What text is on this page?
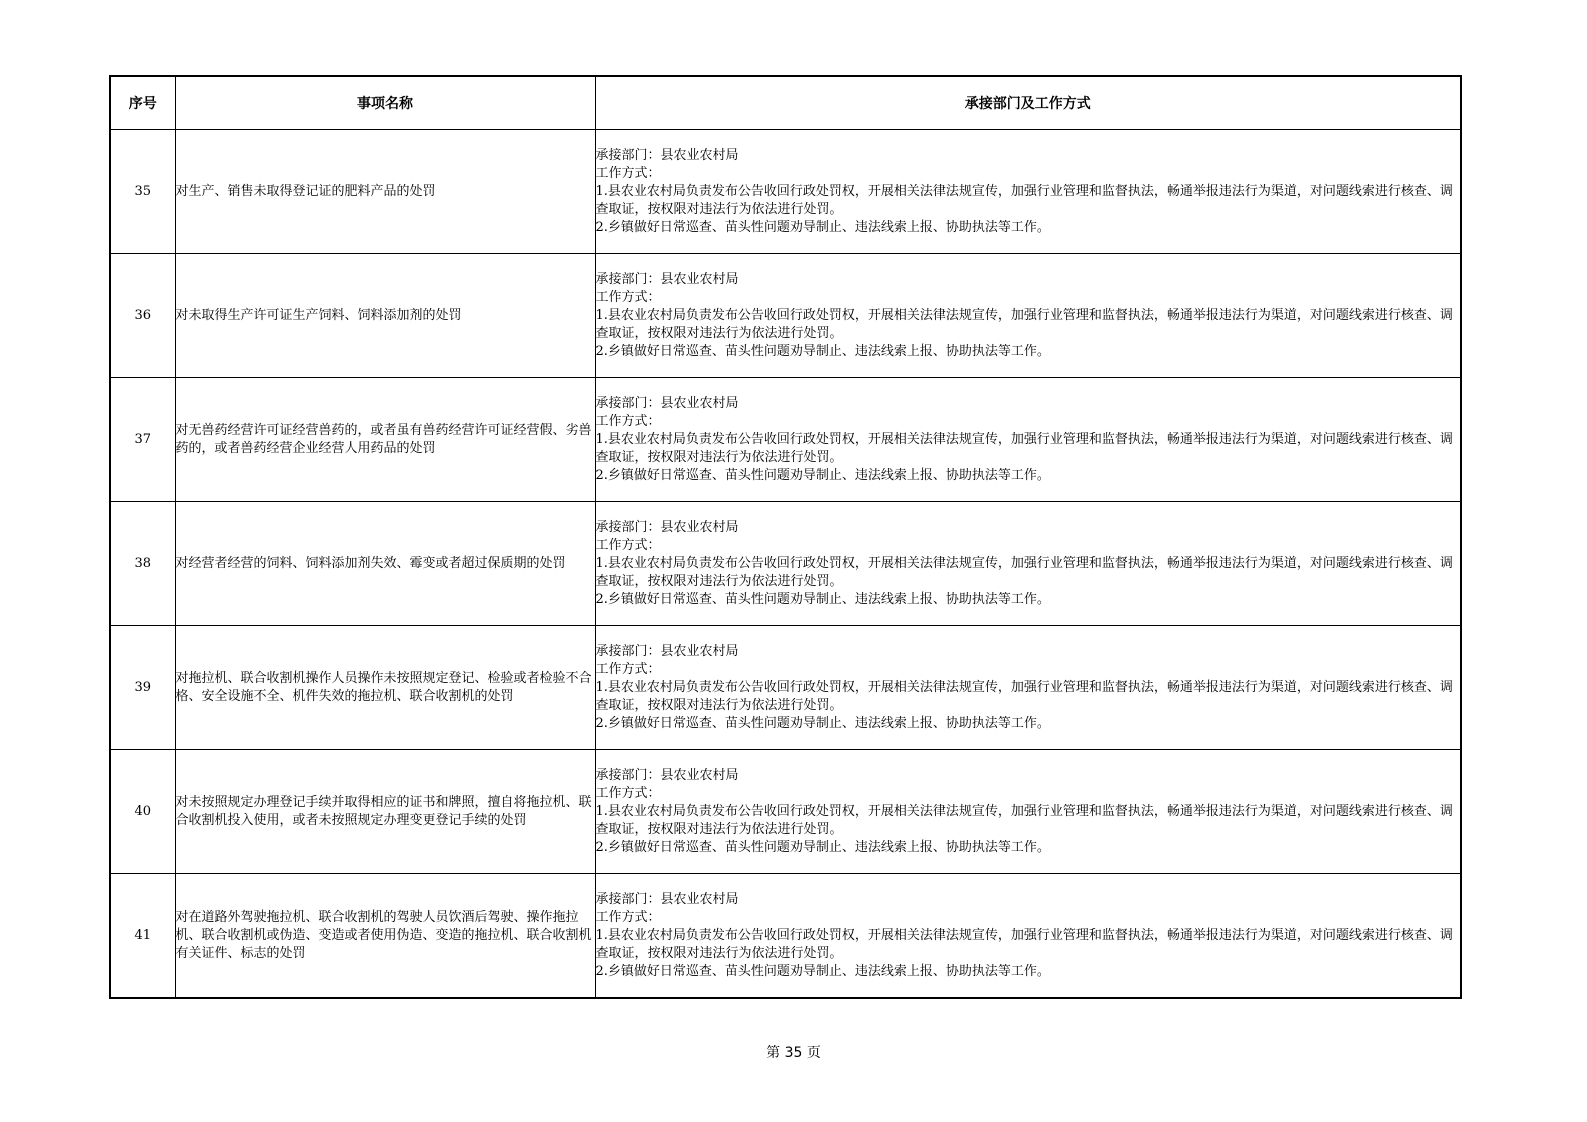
序号	事项名称	承接部门及工作方式
35	对生产、销售未取得登记证的肥料产品的处罚	承接部门：县农业农村局
工作方式：
1.县农业农村局负责发布公告收回行政处罚权，开展相关法律法规宣传，加强行业管理和监督执法，畅通举报违法行为渠道，对问题线索进行核查、调查取证，按权限对违法行为依法进行处罚。
2.乡镇做好日常巡查、苗头性问题劝导制止、违法线索上报、协助执法等工作。

36	对未取得生产许可证生产饲料、饲料添加剂的处罚	承接部门：县农业农村局
工作方式：
1.县农业农村局负责发布公告收回行政处罚权，开展相关法律法规宣传，加强行业管理和监督执法，畅通举报违法行为渠道，对问题线索进行核查、调查取证，按权限对违法行为依法进行处罚。
2.乡镇做好日常巡查、苗头性问题劝导制止、违法线索上报、协助执法等工作。

37	对无兽药经营许可证经营兽药的，或者虽有兽药经营许可证经营假、劣兽药的，或者兽药经营企业经营人用药品的处罚	承接部门：县农业农村局
工作方式：
1.县农业农村局负责发布公告收回行政处罚权，开展相关法律法规宣传，加强行业管理和监督执法，畅通举报违法行为渠道，对问题线索进行核查、调查取证，按权限对违法行为依法进行处罚。
2.乡镇做好日常巡查、苗头性问题劝导制止、违法线索上报、协助执法等工作。

38	对经营者经营的饲料、饲料添加剂失效、霉变或者超过保质期的处罚	承接部门：县农业农村局
工作方式：
1.县农业农村局负责发布公告收回行政处罚权，开展相关法律法规宣传，加强行业管理和监督执法，畅通举报违法行为渠道，对问题线索进行核查、调查取证，按权限对违法行为依法进行处罚。
2.乡镇做好日常巡查、苗头性问题劝导制止、违法线索上报、协助执法等工作。

39	对拖拉机、联合收割机操作人员操作未按照规定登记、检验或者检验不合格、安全设施不全、机件失效的拖拉机、联合收割机的处罚	承接部门：县农业农村局
工作方式：
1.县农业农村局负责发布公告收回行政处罚权，开展相关法律法规宣传，加强行业管理和监督执法，畅通举报违法行为渠道，对问题线索进行核查、调查取证，按权限对违法行为依法进行处罚。
2.乡镇做好日常巡查、苗头性问题劝导制止、违法线索上报、协助执法等工作。

40	对未按照规定办理登记手续并取得相应的证书和牌照，擅自将拖拉机、联合收割机投入使用，或者未按照规定办理变更登记手续的处罚	承接部门：县农业农村局
工作方式：
1.县农业农村局负责发布公告收回行政处罚权，开展相关法律法规宣传，加强行业管理和监督执法，畅通举报违法行为渠道，对问题线索进行核查、调查取证，按权限对违法行为依法进行处罚。
2.乡镇做好日常巡查、苗头性问题劝导制止、违法线索上报、协助执法等工作。

41	对在道路外驾驶拖拉机、联合收割机的驾驶人员饮酒后驾驶、操作拖拉机、联合收割机或伪造、变造或者使用伪造、变造的拖拉机、联合收割机有关证件、标志的处罚	承接部门：县农业农村局
工作方式：
1.县农业农村局负责发布公告收回行政处罚权，开展相关法律法规宣传，加强行业管理和监督执法，畅通举报违法行为渠道，对问题线索进行核查、调查取证，按权限对违法行为依法进行处罚。
2.乡镇做好日常巡查、苗头性问题劝导制止、违法线索上报、协助执法等工作。
第 35 页
